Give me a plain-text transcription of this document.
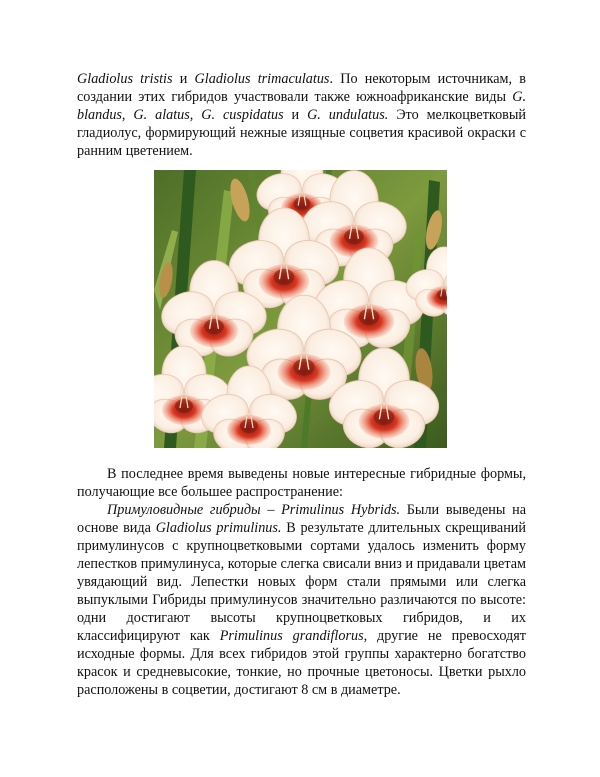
Gladiolus tristis и Gladiolus trimaculatus. По некоторым источникам, в создании этих гибридов участвовали также южноафриканские виды G. blandus, G. alatus, G. cuspidatus и G. undulatus. Это мелкоцветковый гладиолус, формирующий нежные изящные соцветия красивой окраски с ранним цветением.

В последнее время выведены новые интересные гибридные формы, получающие все большее распространение:

Примуловидные гибриды – Primulinus Hybrids. Были выведены на основе вида Gladiolus primulinus. В результате длительных скрещиваний примулинусов с крупноцветковыми сортами удалось изменить форму лепестков примулинуса, которые слегка свисали вниз и придавали цветам увядающий вид. Лепестки новых форм стали прямыми или слегка выпуклыми Гибриды примулинусов значительно различаются по высоте: одни достигают высоты крупноцветковых гибридов, и их классифицируют как Primulinus grandiflorus, другие не превосходят исходные формы. Для всех гибридов этой группы характерно богатство красок и средневысокие, тонкие, но прочные цветоносы. Цветки рыхло расположены в соцветии, достигают 8 см в диаметре.
